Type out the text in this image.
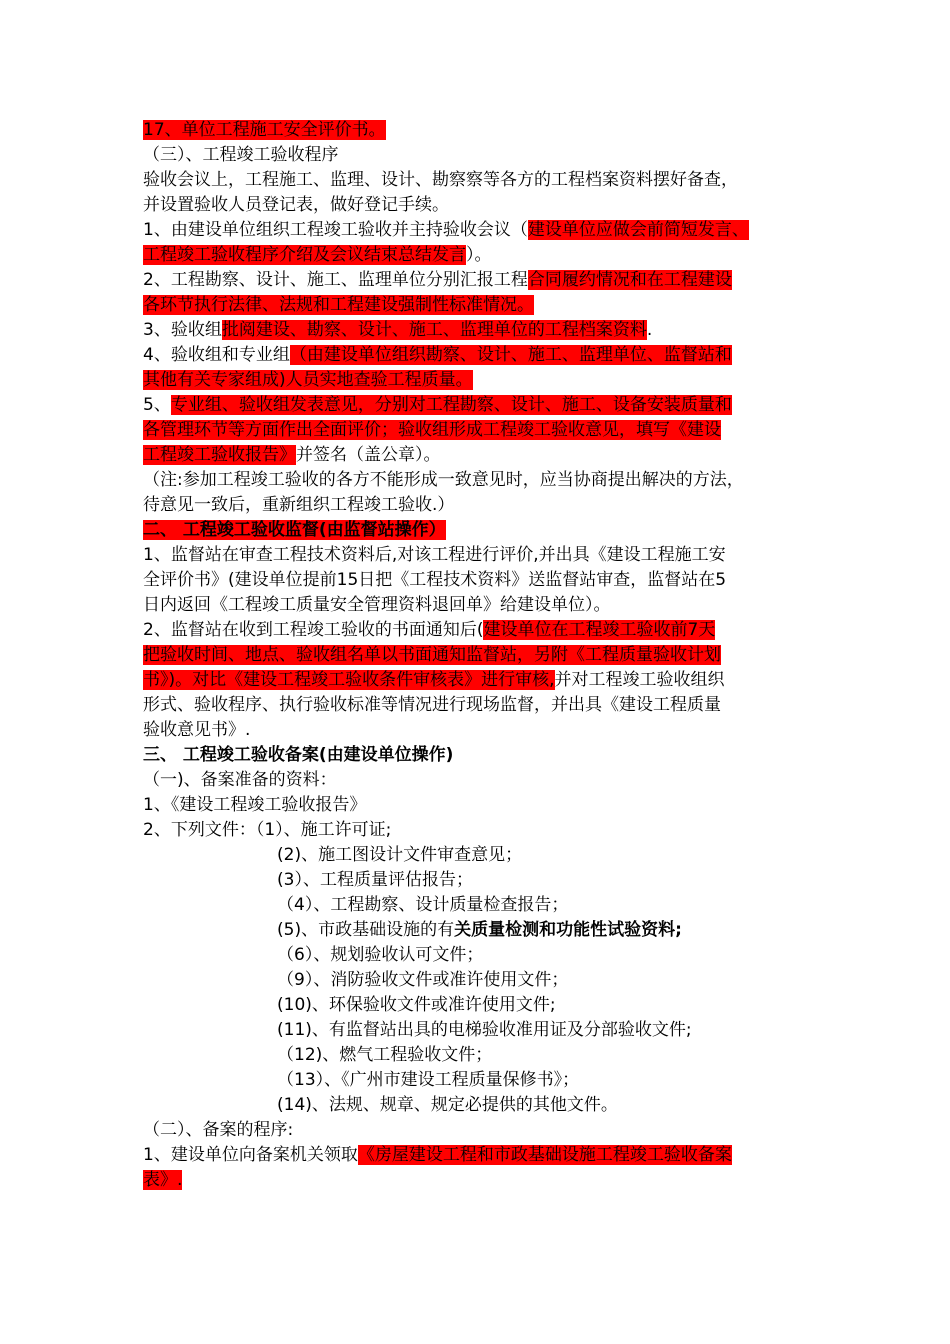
17、单位工程施工安全评价书。
（三）、工程竣工验收程序
验收会议上，工程施工、监理、设计、勘察察等各方的工程档案资料摆好备查，
并设置验收人员登记表，做好登记手续。
1、由建设单位组织工程竣工验收并主持验收会议（建设单位应做会前简短发言、
工程竣工验收程序介绍及会议结束总结发言）。
2、工程勘察、设计、施工、监理单位分别汇报工程合同履约情况和在工程建设
各环节执行法律、法规和工程建设强制性标准情况。
3、验收组批阅建设、勘察、设计、施工、监理单位的工程档案资料.
4、验收组和专业组（由建设单位组织勘察、设计、施工、监理单位、监督站和
其他有关专家组成)人员实地查验工程质量。
5、专业组、验收组发表意见，分别对工程勘察、设计、施工、设备安装质量和
各管理环节等方面作出全面评价；验收组形成工程竣工验收意见，填写《建设
工程竣工验收报告》并签名（盖公章）。
（注:参加工程竣工验收的各方不能形成一致意见时，应当协商提出解决的方法，
待意见一致后，重新组织工程竣工验收.）
二、 工程竣工验收监督(由监督站操作）
1、监督站在审查工程技术资料后,对该工程进行评价,并出具《建设工程施工安
全评价书》(建设单位提前15日把《工程技术资料》送监督站审查，监督站在5
日内返回《工程竣工质量安全管理资料退回单》给建设单位）。
2、监督站在收到工程竣工验收的书面通知后(建设单位在工程竣工验收前7天
把验收时间、地点、验收组名单以书面通知监督站，另附《工程质量验收计划
书》)。对比《建设工程竣工验收条件审核表》进行审核,并对工程竣工验收组织
形式、验收程序、执行验收标准等情况进行现场监督，并出具《建设工程质量
验收意见书》.
三、 工程竣工验收备案(由建设单位操作)
（一)、备案准备的资料：
1、《建设工程竣工验收报告》
2、下列文件：（1）、施工许可证;
(2)、施工图设计文件审查意见；
(3）、工程质量评估报告；
（4）、工程勘察、设计质量检查报告；
(5)、市政基础设施的有关质量检测和功能性试验资料;
（6）、规划验收认可文件；
（9）、消防验收文件或准许使用文件；
(10)、环保验收文件或准许使用文件;
(11)、有监督站出具的电梯验收准用证及分部验收文件;
（12)、燃气工程验收文件；
（13）、《广州市建设工程质量保修书》；
(14)、法规、规章、规定必提供的其他文件。
（二）、备案的程序:
1、建设单位向备案机关领取《房屋建设工程和市政基础设施工程竣工验收备案
表》.
